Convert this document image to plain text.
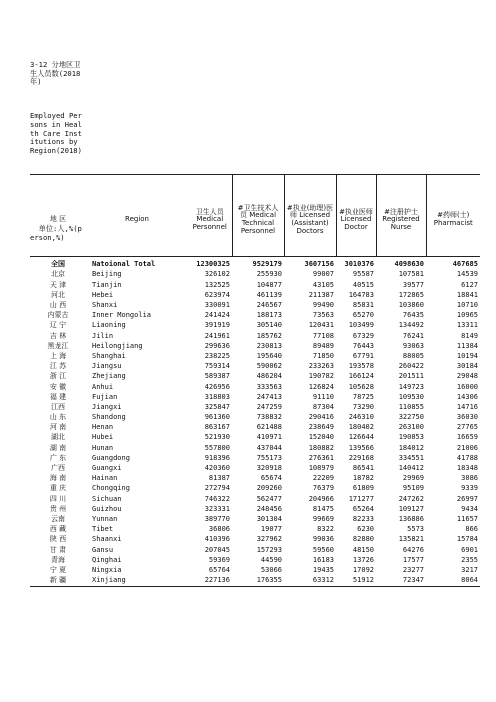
3-12 分地区卫生人员数(2018年)

Employed Persons in Health Care Institutions by Region(2018)

单位:人,%(person,%)

地 区	Region	卫生人员 Medical Personnel	#卫生技术人 员 Medical Technical Personnel	#执业(助理)医师 Licensed (Assistant) Doctors	#执业医师 Licensed Doctor	#注册护士 Registered Nurse	#药师(士) Pharmacist
全国	Natoional Total	12300325	9529179	3607156	3010376	4098630	467685
北京	Beijing	326102	255930	99007	95587	107581	14539
天 津	Tianjin	132525	104877	43105	40515	39577	6127
河北	Hebei	623974	461139	211387	164783	172865	18841
山 西	Shanxi	330091	246567	99490	85831	103860	10710
内蒙古	Inner Mongolia	241424	188173	73563	65270	76435	10965
辽 宁	Liaoning	391919	305140	120431	103499	134492	13311
吉 林	Jilin	241961	185762	77108	67329	76241	8149
黑龙江	Heilongjiang	299636	230813	89489	76443	93063	11384
上 海	Shanghai	238225	195640	71850	67791	88005	10194
江 苏	Jiangsu	759314	590062	233263	193578	260422	30184
浙 江	Zhejiang	589387	486204	190782	166124	201511	29048
安 徽	Anhui	426956	333563	126824	105628	149723	16000
福 建	Fujian	318803	247413	91110	78725	109530	14306
江西	Jiangxi	325847	247259	87304	73290	110855	14716
山 东	Shandong	961360	738832	290416	246310	322750	36030
河 南	Henan	863167	621488	238649	180402	263100	27765
湖北	Hubei	521930	410971	152040	126644	190853	16659
湖 南	Hunan	557800	437044	180882	139566	184012	21006
广 东	Guangdong	918396	755173	276361	229168	334551	41788
广西	Guangxi	420360	320918	108979	86541	140412	18348
海 南	Hainan	81387	65674	22209	18782	29969	3086
重 庆	Chongqing	272794	209260	76379	61809	95109	9339
四 川	Sichuan	746322	562477	204966	171277	247262	26997
贵 州	Guizhou	323331	248456	81475	65264	109127	9434
云南	Yunnan	389770	301304	99669	82233	136886	11657
西 藏	Tibet	36806	19077	8322	6230	5573	866
陕 西	Shaanxi	410396	327962	99036	82880	135821	15784
甘 肃	Gansu	207045	157293	59560	48150	64276	6901
青海	Qinghai	59369	44590	16183	13726	17577	2355
宁 夏	Ningxia	65764	53066	19435	17092	23277	3217
新 疆	Xinjiang	227136	176355	63312	51912	72347	8064
